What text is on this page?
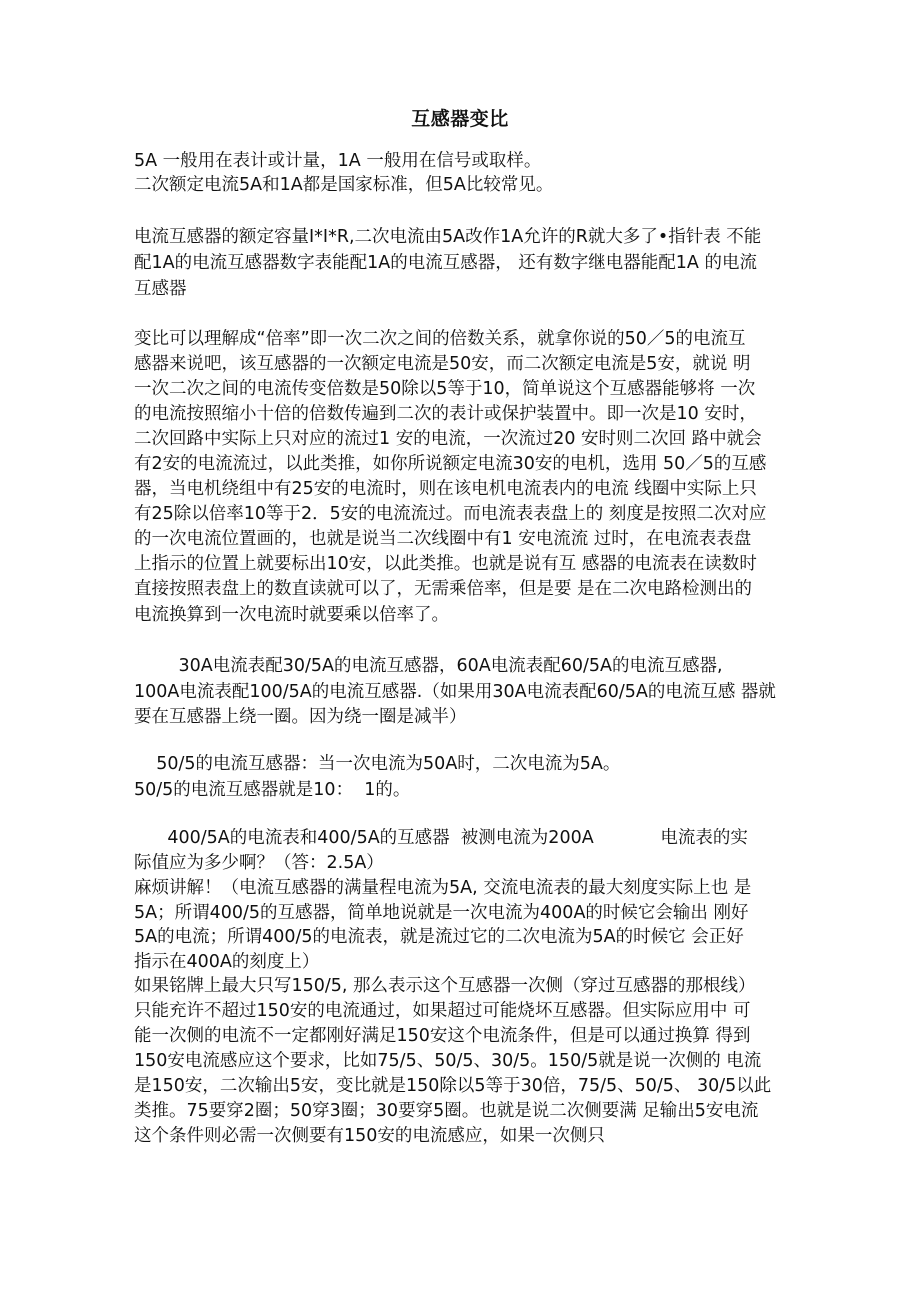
互感器变比
5A 一般用在表计或计量，1A 一般用在信号或取样。
二次额定电流5A和1A都是国家标准，但5A比较常见。
电流互感器的额定容量I*I*R,二次电流由5A改作1A允许的R就大多了•指针表 不能
配1A的电流互感器数字表能配1A的电流互感器， 还有数字继电器能配1A 的电流
互感器
变比可以理解成“倍率”即一次二次之间的倍数关系，就拿你说的50／5的电流互
感器来说吧，该互感器的一次额定电流是50安，而二次额定电流是5安，就说 明
一次二次之间的电流传变倍数是50除以5等于10，简单说这个互感器能够将 一次
的电流按照缩小十倍的倍数传遍到二次的表计或保护装置中。即一次是10 安时，
二次回路中实际上只对应的流过1 安的电流，一次流过20 安时则二次回 路中就会
有2安的电流流过，以此类推，如你所说额定电流30安的电机，选用 50／5的互感
器，当电机绕组中有25安的电流时，则在该电机电流表内的电流 线圈中实际上只
有25除以倍率10等于2．5安的电流流过。而电流表表盘上的 刻度是按照二次对应
的一次电流位置画的，也就是说当二次线圈中有1 安电流流 过时，在电流表表盘
上指示的位置上就要标出10安，以此类推。也就是说有互 感器的电流表在读数时
直接按照表盘上的数直读就可以了，无需乘倍率，但是要 是在二次电路检测出的
电流换算到一次电流时就要乘以倍率了。
30A电流表配30/5A的电流互感器，60A电流表配60/5A的电流互感器,
100A电流表配100/5A的电流互感器.（如果用30A电流表配60/5A的电流互感 器就
要在互感器上绕一圈。因为绕一圈是减半）
50/5的电流互感器：当一次电流为50A时，二次电流为5A。
50/5的电流互感器就是10：  1的。
400/5A的电流表和400/5A的互感器  被测电流为200A            电流表的实
际值应为多少啊？（答：2.5A）
麻烦讲解！（电流互感器的满量程电流为5A, 交流电流表的最大刻度实际上也 是
5A；所谓400/5的互感器，简单地说就是一次电流为400A的时候它会输出 刚好
5A的电流；所谓400/5的电流表，就是流过它的二次电流为5A的时候它 会正好
指示在400A的刻度上）
如果铭牌上最大只写150/5, 那么表示这个互感器一次侧（穿过互感器的那根线）
只能充许不超过150安的电流通过，如果超过可能烧坏互感器。但实际应用中 可
能一次侧的电流不一定都刚好满足150安这个电流条件，但是可以通过换算 得到
150安电流感应这个要求，比如75/5、50/5、30/5。150/5就是说一次侧的 电流
是150安，二次输出5安，变比就是150除以5等于30倍，75/5、50/5、 30/5以此
类推。75要穿2圈；50穿3圈；30要穿5圈。也就是说二次侧要满 足输出5安电流
这个条件则必需一次侧要有150安的电流感应，如果一次侧只
